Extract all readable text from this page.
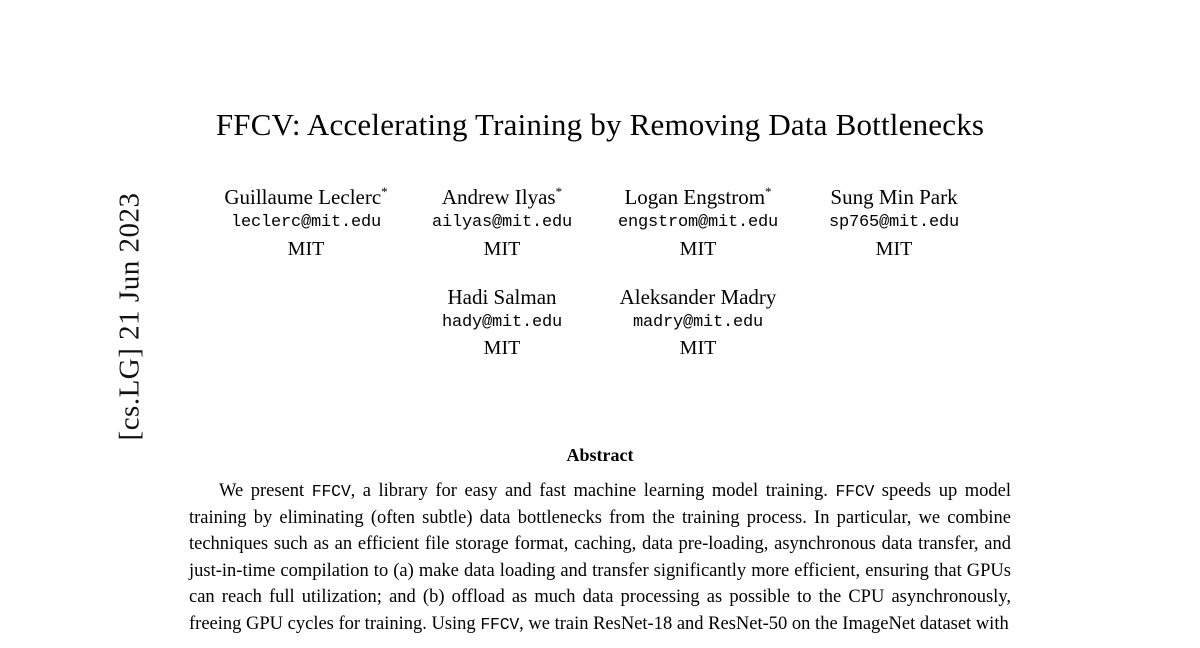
[cs.LG] 21 Jun 2023
FFCV: Accelerating Training by Removing Data Bottlenecks
Guillaume Leclerc*
leclerc@mit.edu
MIT
Andrew Ilyas*
ailyas@mit.edu
MIT
Logan Engstrom*
engstrom@mit.edu
MIT
Sung Min Park
sp765@mit.edu
MIT
Hadi Salman
hady@mit.edu
MIT
Aleksander Madry
madry@mit.edu
MIT
Abstract
We present FFCV, a library for easy and fast machine learning model training. FFCV speeds up model training by eliminating (often subtle) data bottlenecks from the training process. In particular, we combine techniques such as an efficient file storage format, caching, data pre-loading, asynchronous data transfer, and just-in-time compilation to (a) make data loading and transfer significantly more efficient, ensuring that GPUs can reach full utilization; and (b) offload as much data processing as possible to the CPU asynchronously, freeing GPU cycles for training. Using FFCV, we train ResNet-18 and ResNet-50 on the ImageNet dataset with
